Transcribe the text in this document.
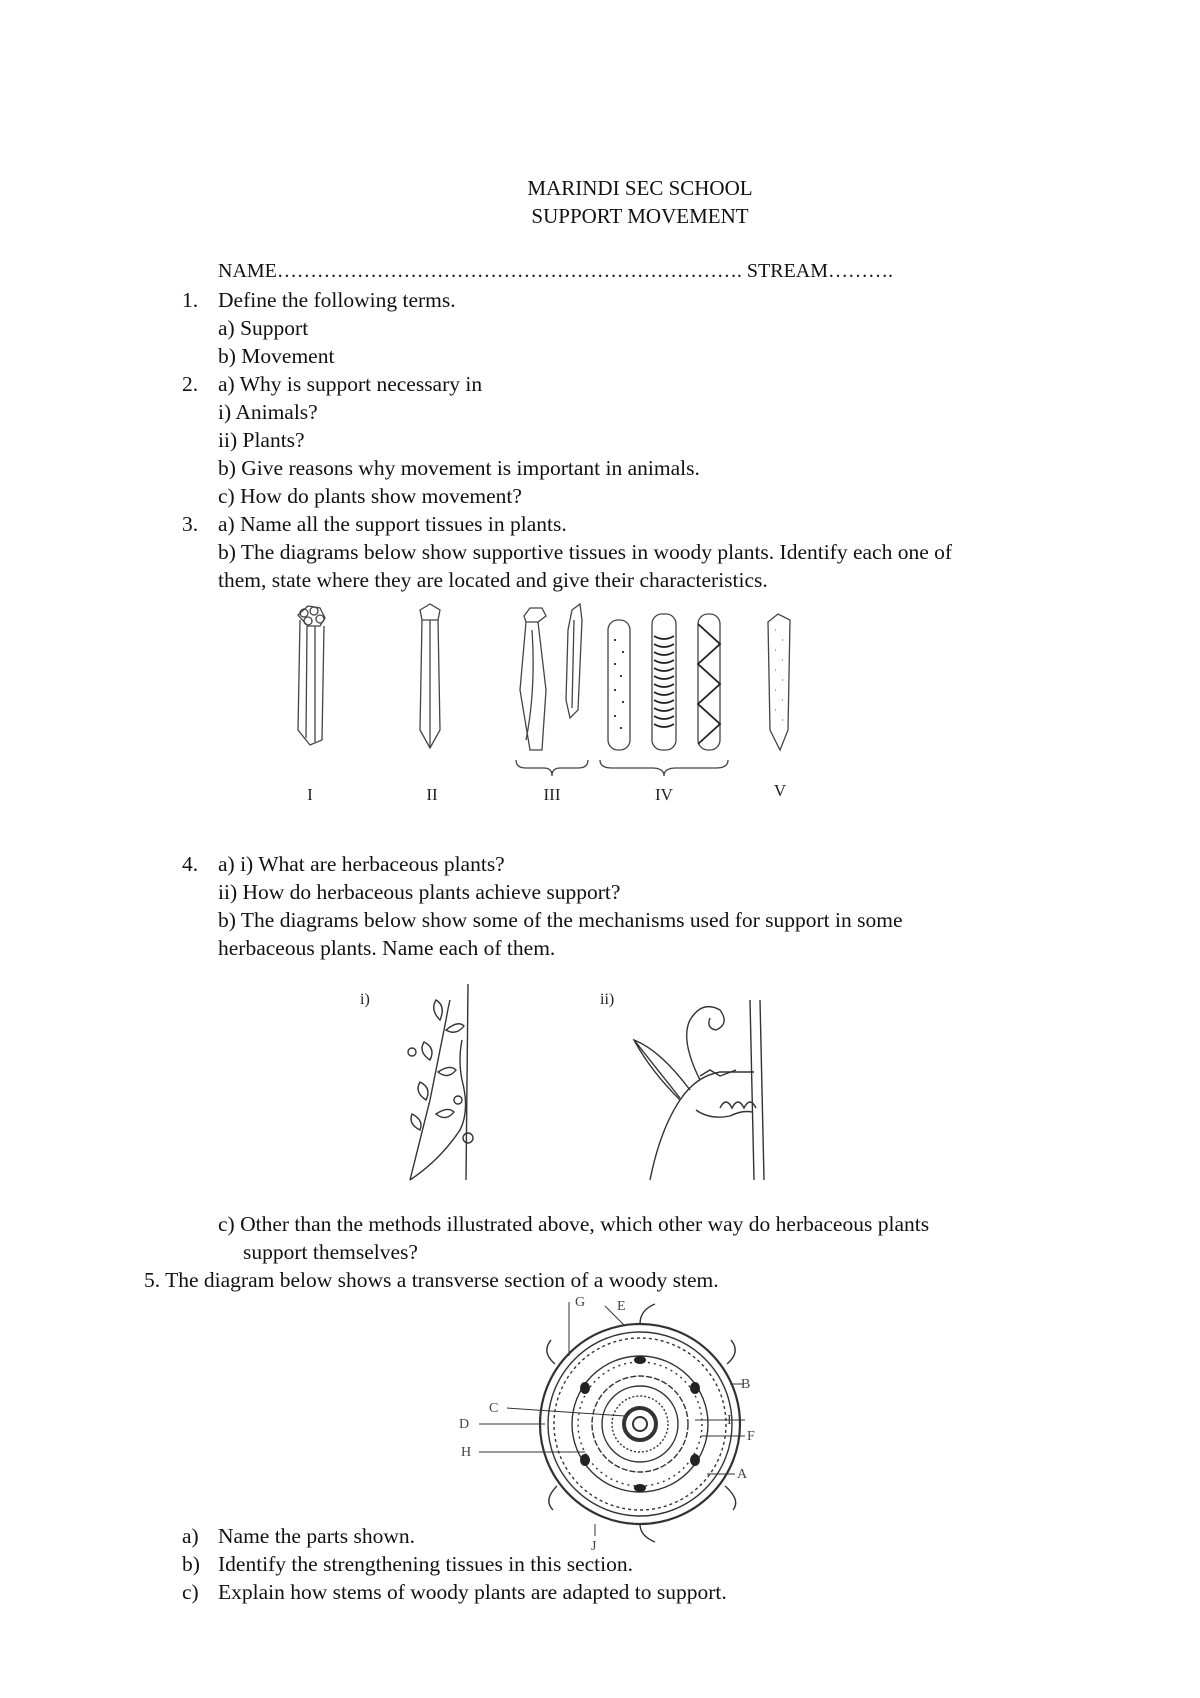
MARINDI SEC SCHOOL
SUPPORT MOVEMENT
NAME……………………………………………………………. STREAM……….
1. Define the following terms.
a) Support
b) Movement
2. a) Why is support necessary in
i) Animals?
ii) Plants?
b) Give reasons why movement is important in animals.
c) How do plants show movement?
3. a) Name all the support tissues in plants.
b) The diagrams below show supportive tissues in woody plants. Identify each one of
them, state where they are located and give their characteristics.
I	II	III	IV	V
4. a) i) What are herbaceous plants?
ii) How do herbaceous plants achieve support?
b) The diagrams below show some of the mechanisms used for support in some
herbaceous plants. Name each of them.
i)	ii)
c) Other than the methods illustrated above, which other way do herbaceous plants
support themselves?
5. The diagram below shows a transverse section of a woody stem.
G E
B
C
D	I
H
F
A
J
a) Name the parts shown.
b) Identify the strengthening tissues in this section.
c) Explain how stems of woody plants are adapted to support.
